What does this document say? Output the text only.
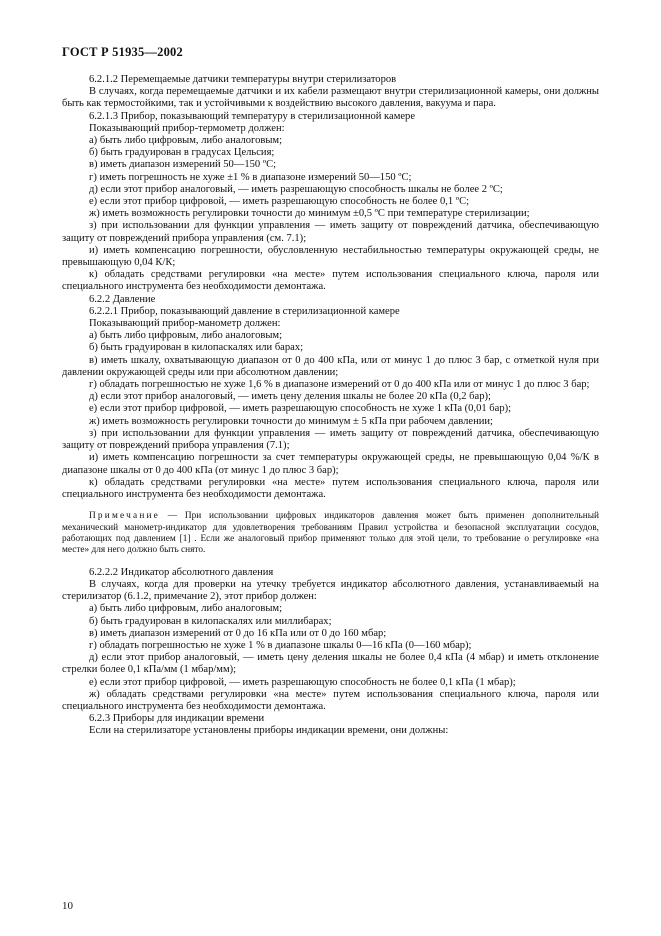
ГОСТ Р 51935—2002

6.2.1.2 Перемещаемые датчики температуры внутри стерилизаторов

В случаях, когда перемещаемые датчики и их кабели размещают внутри стерилизационной камеры, они должны быть как термостойкими, так и устойчивыми к воздействию высокого давления, вакуума и пара.

6.2.1.3 Прибор, показывающий температуру в стерилизационной камере

Показывающий прибор-термометр должен:

а) быть либо цифровым, либо аналоговым;

б) быть градуирован в градусах Цельсия;

в) иметь диапазон измерений 50—150 ºС;

г) иметь погрешность не хуже ±1 % в диапазоне измерений 50—150 ºС;

д) если этот прибор аналоговый, — иметь разрешающую способность шкалы не более 2 ºС;

е) если этот прибор цифровой, — иметь разрешающую способность не более 0,1 ºС;

ж) иметь возможность регулировки точности до минимум ±0,5 ºС при температуре стерилизации;

з) при использовании для функции управления — иметь защиту от повреждений датчика, обеспечивающую защиту от повреждений прибора управления (см. 7.1);

и) иметь компенсацию погрешности, обусловленную нестабильностью температуры окружающей среды, не превышающую 0,04 К/К;

к) обладать средствами регулировки «на месте» путем использования специального ключа, пароля или специального инструмента без необходимости демонтажа.

6.2.2 Давление

6.2.2.1 Прибор, показывающий давление в стерилизационной камере

Показывающий прибор-манометр должен:

а) быть либо цифровым, либо аналоговым;

б) быть градуирован в килопаскалях или барах;

в) иметь шкалу, охватывающую диапазон от 0 до 400 кПа, или от минус 1 до плюс 3 бар, с отметкой нуля при давлении окружающей среды или при абсолютном давлении;

г) обладать погрешностью не хуже 1,6 % в диапазоне измерений от 0 до 400 кПа или от минус 1 до плюс 3 бар;

д) если этот прибор аналоговый, — иметь цену деления шкалы не более 20 кПа (0,2 бар);

е) если этот прибор цифровой, — иметь разрешающую способность не хуже 1 кПа (0,01 бар);

ж) иметь возможность регулировки точности до минимум ± 5 кПа при рабочем давлении;

з) при использовании для функции управления — иметь защиту от повреждений датчика, обеспечивающую защиту от повреждений прибора управления (7.1);

и) иметь компенсацию погрешности за счет температуры окружающей среды, не превышающую 0,04 %/К в диапазоне шкалы от 0 до 400 кПа (от минус 1 до плюс 3 бар);

к) обладать средствами регулировки «на месте» путем использования специального ключа, пароля или специального инструмента без необходимости демонтажа.

Примечание — При использовании цифровых индикаторов давления может быть применен дополнительный механический манометр-индикатор для удовлетворения требованиям Правил устройства и безопасной эксплуатации сосудов, работающих под давлением [1] . Если же аналоговый прибор применяют только для этой цели, то требование о регулировке «на месте» для него должно быть снято.

6.2.2.2 Индикатор абсолютного давления

В случаях, когда для проверки на утечку требуется индикатор абсолютного давления, устанавливаемый на стерилизатор (6.1.2, примечание 2), этот прибор должен:

а) быть либо цифровым, либо аналоговым;

б) быть градуирован в килопаскалях или миллибарах;

в) иметь диапазон измерений от 0 до 16 кПа или от 0 до 160 мбар;

г) обладать погрешностью не хуже 1 % в диапазоне шкалы 0—16 кПа (0—160 мбар);

д) если этот прибор аналоговый, — иметь цену деления шкалы не более 0,4 кПа (4 мбар) и иметь отклонение стрелки более 0,1 кПа/мм (1 мбар/мм);

е) если этот прибор цифровой, — иметь разрешающую способность не более 0,1 кПа (1 мбар);

ж) обладать средствами регулировки «на месте» путем использования специального ключа, пароля или специального инструмента без необходимости демонтажа.

6.2.3 Приборы для индикации времени

Если на стерилизаторе установлены приборы индикации времени, они должны:

10
